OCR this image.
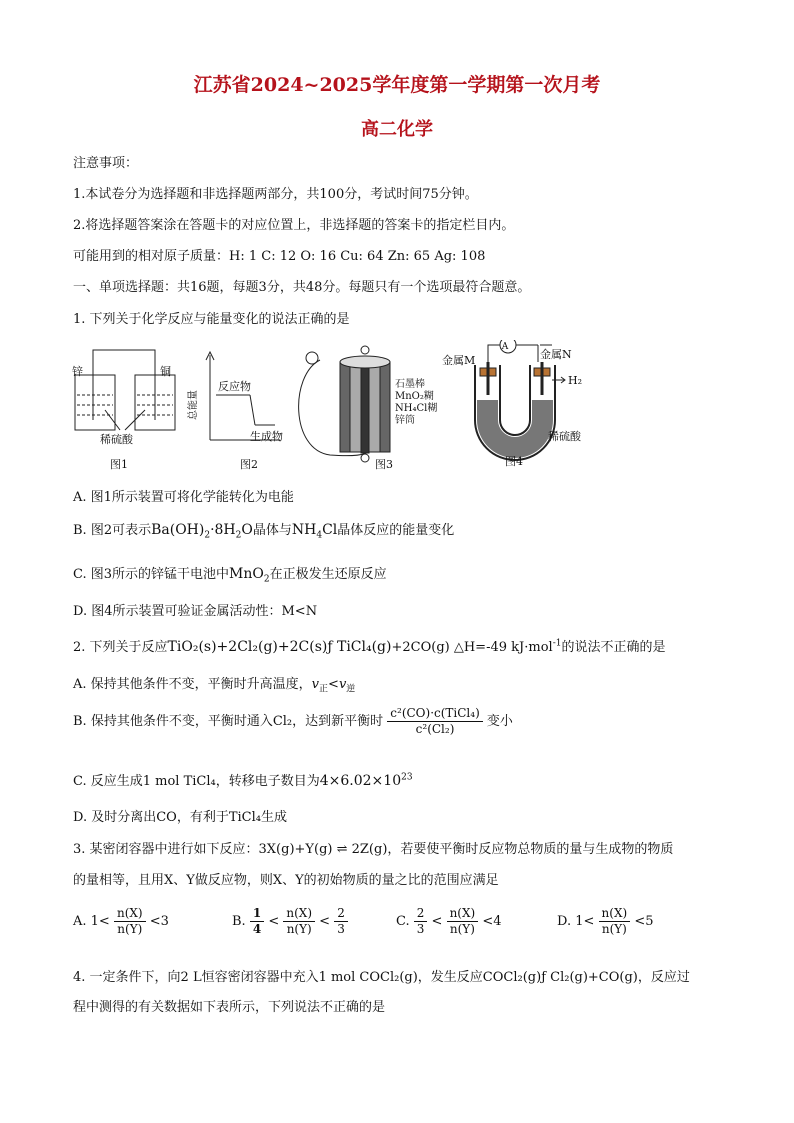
江苏省2024~2025学年度第一学期第一次月考
高二化学
注意事项：
1.本试卷分为选择题和非选择题两部分，共100分，考试时间75分钟。
2.将选择题答案涂在答题卡的对应位置上，非选择题的答案卡的指定栏目内。
可能用到的相对原子质量：H: 1 C: 12 O: 16 Cu: 64 Zn: 65 Ag: 108
一、单项选择题：共16题，每题3分，共48分。每题只有一个选项最符合题意。
1. 下列关于化学反应与能量变化的说法正确的是
锌	铜
稀硫酸
图1
总能量
反应物
生成物
图2
石墨棒
MnO₂糊
NH₄Cl糊
锌筒
图3
A
金属M	金属N
H₂
稀硫酸
图4
A. 图1所示装置可将化学能转化为电能
B. 图2可表示$Ba(OH)_2\cdot 8H_2O$晶体与$NH_4Cl$晶体反应的能量变化
C. 图3所示的锌锰干电池中MnO$_2$在正极发生还原反应
D. 图4所示装置可验证金属活动性：M<N
2. 下列关于反应TiO₂(s)+2Cl₂(g)+2C(s)ƒ TiCl₄(g)+2CO(g) △H=-49 kJ·mol$^{-1}$的说法不正确的是
A. 保持其他条件不变，平衡时升高温度，$v_正<v_逆$
B. 保持其他条件不变，平衡时通入Cl₂，达到新平衡时 $\frac{\text{c²(CO)·c(TiCl₄)}}{\text{c²(Cl₂)}}$ 变小
C. 反应生成1 mol TiCl₄，转移电子数目为$4\times 6.02\times 10^{23}$
D. 及时分离出CO，有利于TiCl₄生成
3. 某密闭容器中进行如下反应：3X(g)+Y(g) ⇌ 2Z(g)，若要使平衡时反应物总物质的量与生成物的物质
的量相等，且用X、Y做反应物，则X、Y的初始物质的量之比的范围应满足
A. $1< \frac{n(X)}{n(Y)} <3$	B. $\frac{1}{4} < \frac{n(X)}{n(Y)} < \frac{2}{3}$	C. $\frac{2}{3} < \frac{n(X)}{n(Y)} <4$	D. $1< \frac{n(X)}{n(Y)} <5$
4. 一定条件下，向2 L恒容密闭容器中充入1 mol COCl₂(g)，发生反应COCl₂(g)ƒ Cl₂(g)+CO(g)，反应过
程中测得的有关数据如下表所示，下列说法不正确的是
